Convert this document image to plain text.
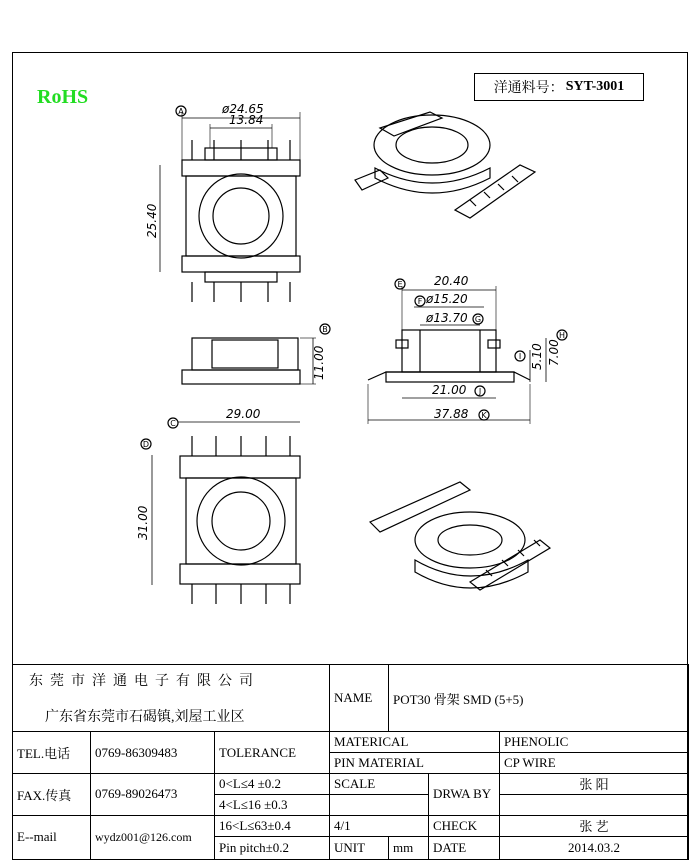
RoHS	洋通料号： SYT-3001
ø24.65
13.84
25.40
11.00
29.00
31.00
20.40
ø15.20
ø13.70
7.00
5.10
21.00
37.88
A
B
C
D
E
F
G
H
I
J
K
东莞市洋通电子有限公司
广东省东莞市石碣镇,刘屋工业区			NAME	POT30 骨架 SMD (5+5)		

TEL.电话	0769-86309483	TOLERANCE	MATERICAL			PHENOLIC
			PIN MATERIAL			CP WIRE
FAX.传真	0769-89026473	0<L≤4 ±0.2	SCALE		DRWA BY	张 阳
		4<L≤16 ±0.3				
E--mail	wydz001@126.com	16<L≤63±0.4	4/1		CHECK	张 艺
		Pin pitch±0.2	UNIT	mm	DATE	2014.03.2
